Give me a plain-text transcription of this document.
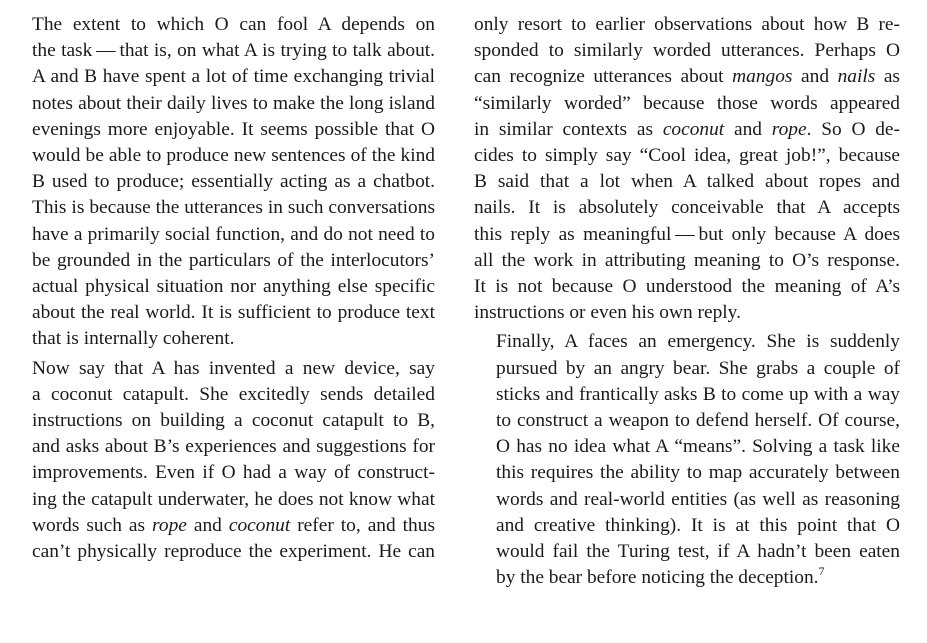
The extent to which O can fool A depends on
the task — that is, on what A is trying to talk about.
A and B have spent a lot of time exchanging trivial
notes about their daily lives to make the long island
evenings more enjoyable. It seems possible that O
would be able to produce new sentences of the kind
B used to produce; essentially acting as a chatbot.
This is because the utterances in such conversations
have a primarily social function, and do not need to
be grounded in the particulars of the interlocutors’
actual physical situation nor anything else specific
about the real world. It is sufficient to produce text
that is internally coherent.

Now say that A has invented a new device, say
a coconut catapult. She excitedly sends detailed
instructions on building a coconut catapult to B,
and asks about B’s experiences and suggestions for
improvements. Even if O had a way of construct-
ing the catapult underwater, he does not know what
words such as rope and coconut refer to, and thus
can’t physically reproduce the experiment. He can

only resort to earlier observations about how B re-
sponded to similarly worded utterances. Perhaps O
can recognize utterances about mangos and nails as
“similarly worded” because those words appeared
in similar contexts as coconut and rope. So O de-
cides to simply say “Cool idea, great job!”, because
B said that a lot when A talked about ropes and
nails. It is absolutely conceivable that A accepts
this reply as meaningful — but only because A does
all the work in attributing meaning to O’s response.
It is not because O understood the meaning of A’s
instructions or even his own reply.

Finally, A faces an emergency. She is suddenly
pursued by an angry bear. She grabs a couple of
sticks and frantically asks B to come up with a way
to construct a weapon to defend herself. Of course,
O has no idea what A “means”. Solving a task like
this requires the ability to map accurately between
words and real-world entities (as well as reasoning
and creative thinking). It is at this point that O
would fail the Turing test, if A hadn’t been eaten
by the bear before noticing the deception.$^7$
